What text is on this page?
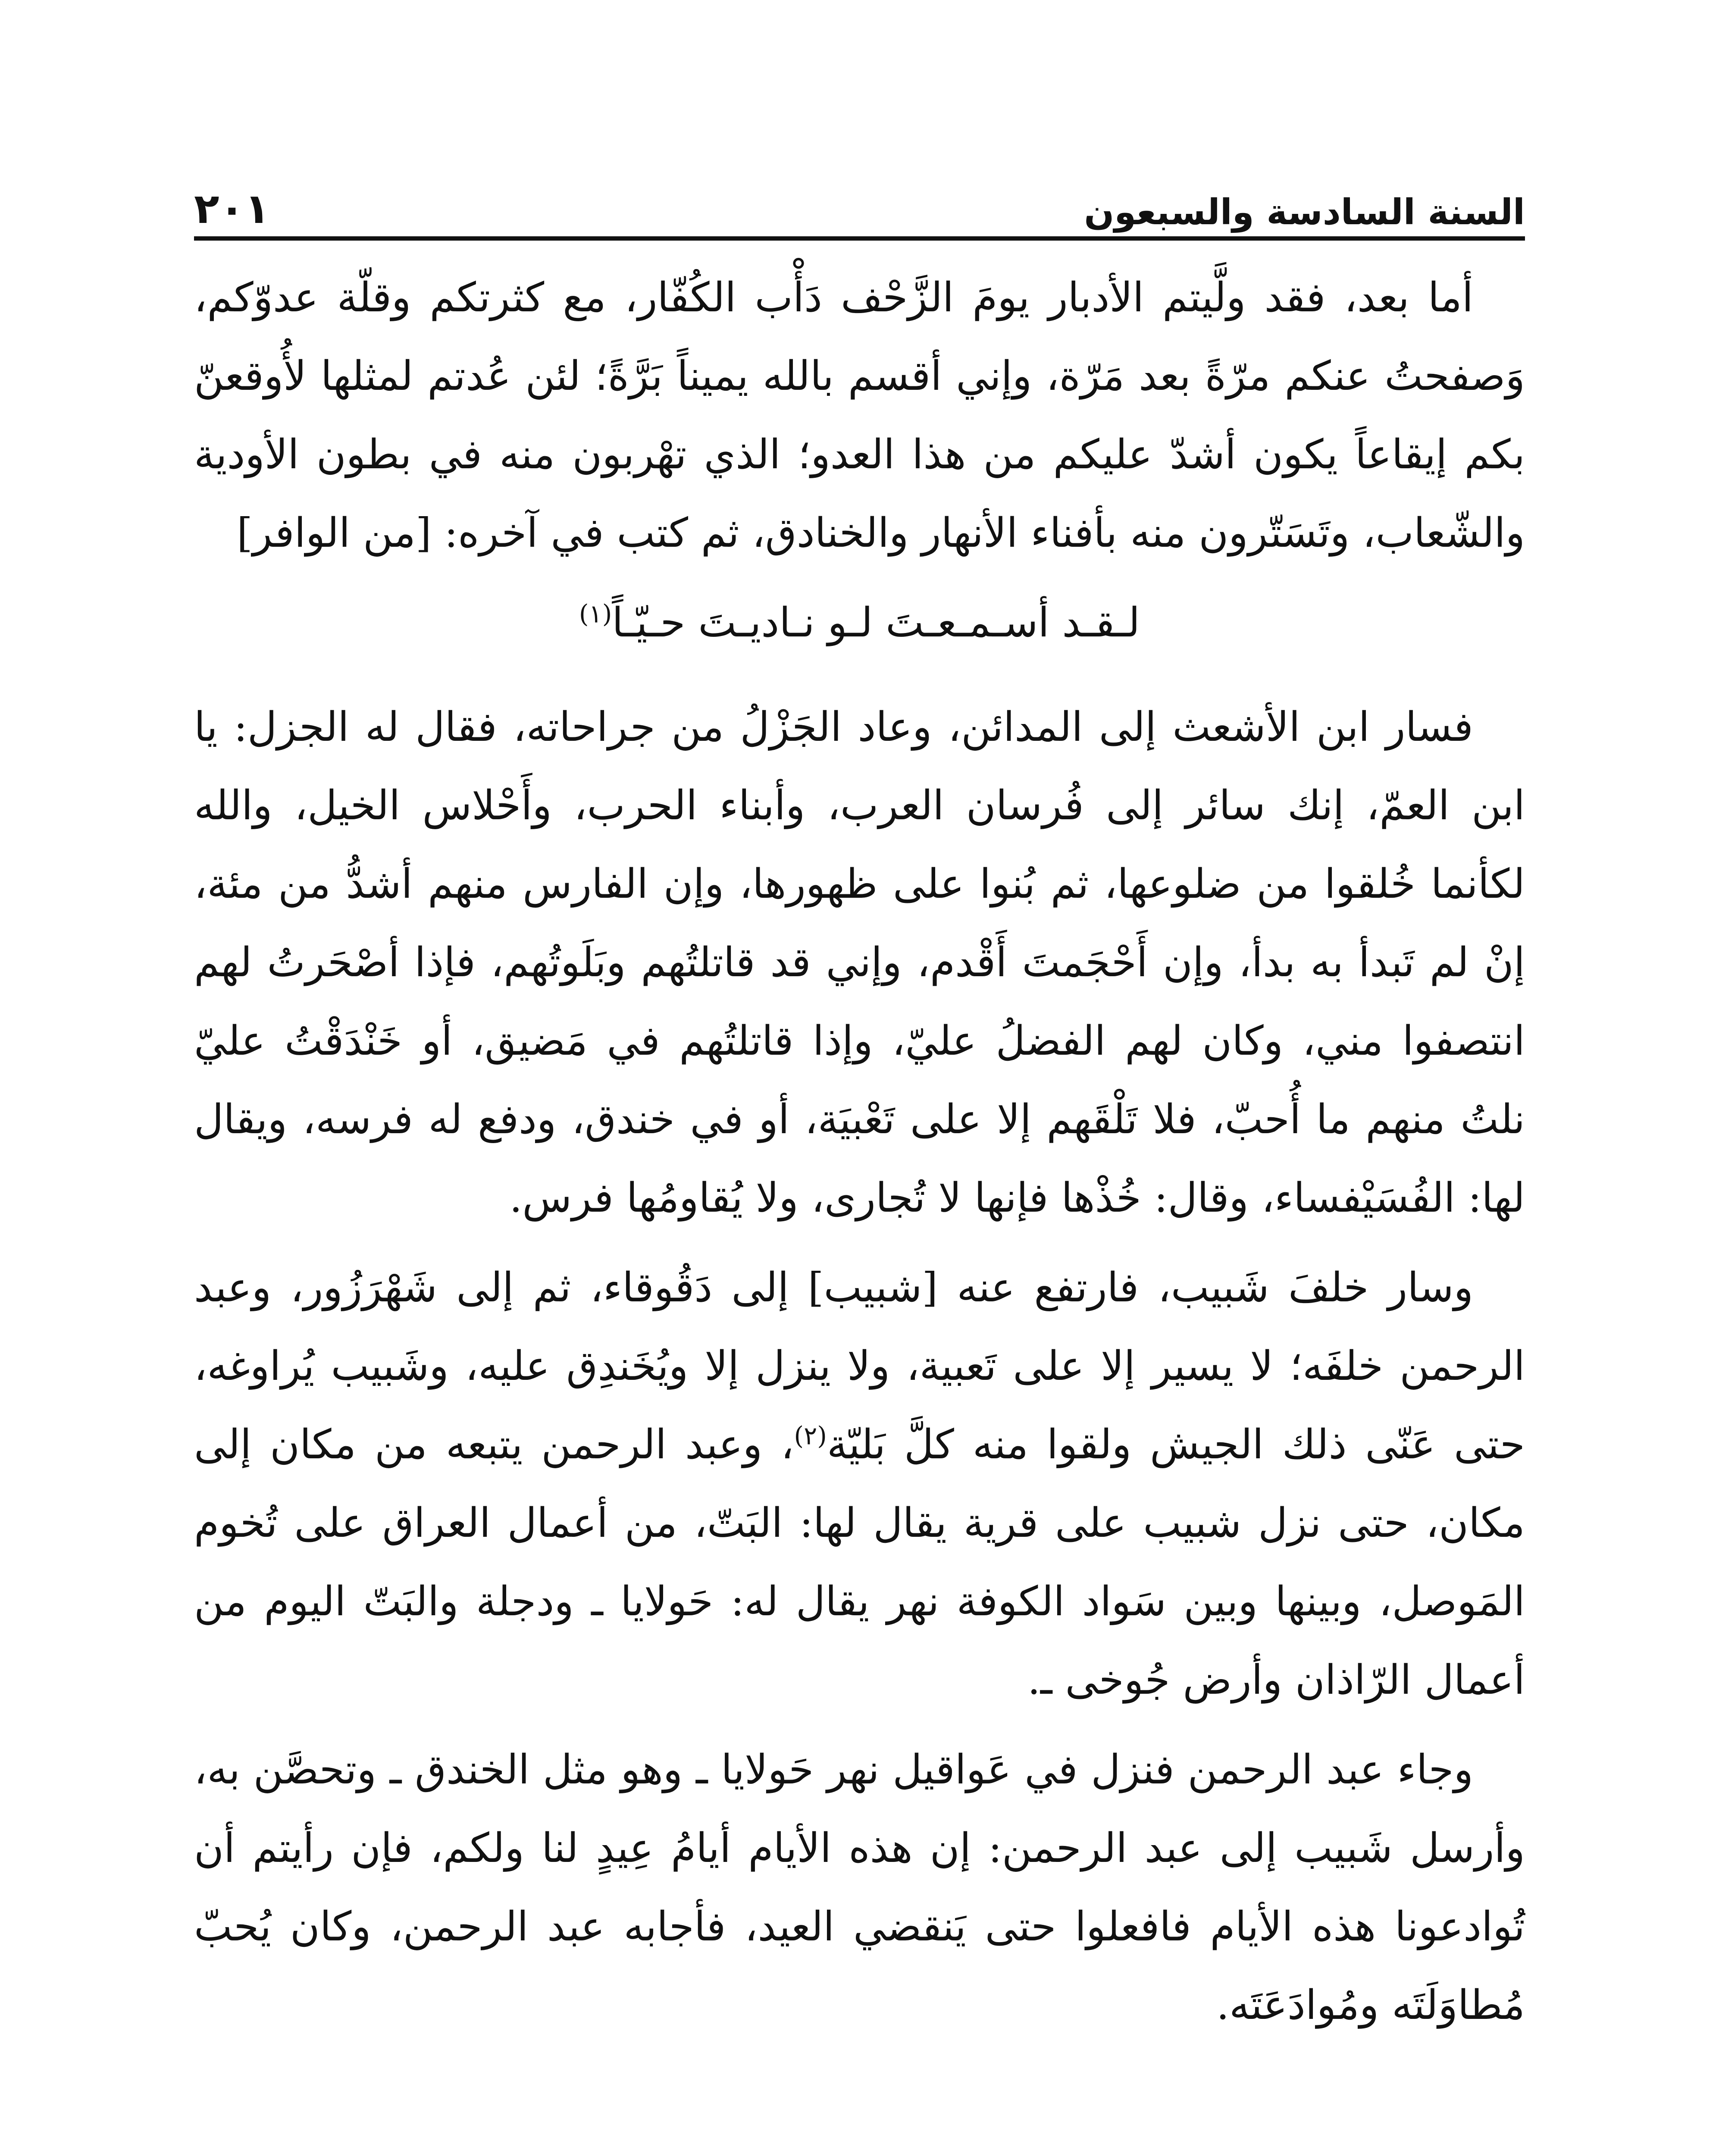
السنة السادسة والسبعون
٢٠١

أما بعد، فقد ولَّيتم الأدبار يومَ الزَّحْف دَأْب الكُفّار، مع كثرتكم وقلّة عدوّكم، وَصفحتُ عنكم مرّةً بعد مَرّة، وإني أقسم بالله يميناً بَرَّةً؛ لئن عُدتم لمثلها لأُوقعنّ بكم إيقاعاً يكون أشدّ عليكم من هذا العدو؛ الذي تهْربون منه في بطون الأودية والشّعاب، وتَسَتّرون منه بأفناء الأنهار والخنادق، ثم كتب في آخره: [من الوافر]

لـقـد أسـمـعـتَ لـو نـاديـتَ حـيّـاً$^{(١)}$

فسار ابن الأشعث إلى المدائن، وعاد الجَزْلُ من جراحاته، فقال له الجزل: يا ابن العمّ، إنك سائر إلى فُرسان العرب، وأبناء الحرب، وأَحْلاس الخيل، والله لكأنما خُلقوا من ضلوعها، ثم بُنوا على ظهورها، وإن الفارس منهم أشدُّ من مئة، إنْ لم تَبدأ به بدأ، وإن أَحْجَمتَ أَقْدم، وإني قد قاتلتُهم وبَلَوتُهم، فإذا أصْحَرتُ لهم انتصفوا مني، وكان لهم الفضلُ عليّ، وإذا قاتلتُهم في مَضيق، أو خَنْدَقْتُ عليّ نلتُ منهم ما أُحبّ، فلا تَلْقَهم إلا على تَعْبيَة، أو في خندق، ودفع له فرسه، ويقال لها: الفُسَيْفساء، وقال: خُذْها فإنها لا تُجارى، ولا يُقاومُها فرس.

وسار خلفَ شَبيب، فارتفع عنه [شبيب] إلى دَقُوقاء، ثم إلى شَهْرَزُور، وعبد الرحمن خلفَه؛ لا يسير إلا على تَعبية، ولا ينزل إلا ويُخَندِق عليه، وشَبيب يُراوغه، حتى عَنّى ذلك الجيش ولقوا منه كلَّ بَليّة$^{(٢)}$، وعبد الرحمن يتبعه من مكان إلى مكان، حتى نزل شبيب على قرية يقال لها: البَتّ، من أعمال العراق على تُخوم المَوصل، وبينها وبين سَواد الكوفة نهر يقال له: حَولايا ـ ودجلة والبَتّ اليوم من أعمال الرّاذان وأرض جُوخى ـ.

وجاء عبد الرحمن فنزل في عَواقيل نهر حَولايا ـ وهو مثل الخندق ـ وتحصَّن به، وأرسل شَبيب إلى عبد الرحمن: إن هذه الأيام أيامُ عِيدٍ لنا ولكم، فإن رأيتم أن تُوادعونا هذه الأيام فافعلوا حتى يَنقضي العيد، فأجابه عبد الرحمن، وكان يُحبّ مُطاوَلَتَه ومُوادَعَتَه.
